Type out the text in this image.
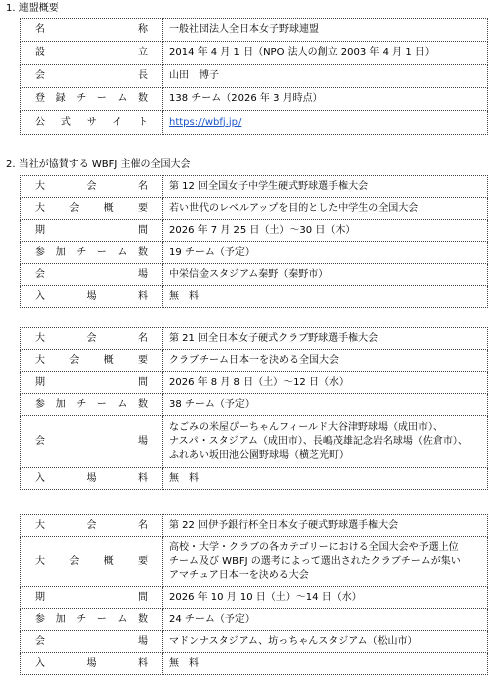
1. 連盟概要
名　　　　称	一般社団法人全日本女子野球連盟
設　　　　立	2014 年 4 月 1 日（NPO 法人の創立 2003 年 4 月 1 日）
会　　　　長	山田　博子
登録チーム数	138 チーム（2026 年 3 月時点）
公式サイト	https://wbfj.jp/
2. 当社が協賛する WBFJ 主催の全国大会
大　会　名	第 12 回全国女子中学生硬式野球選手権大会
大会概要	若い世代のレベルアップを目的とした中学生の全国大会
期　　　間	2026 年 7 月 25 日（土）～30 日（木）
参加チーム数	19 チーム（予定）
会　　　場	中栄信金スタジアム秦野（秦野市）
入　場　料	無　料
大　会　名	第 21 回全日本女子硬式クラブ野球選手権大会
大会概要	クラブチーム日本一を決める全国大会
期　　　間	2026 年 8 月 8 日（土）～12 日（水）
参加チーム数	38 チーム（予定）
会　　　場	なごみの米屋ぴーちゃんフィールド大谷津野球場（成田市）、
ナスパ・スタジアム（成田市）、長嶋茂雄記念岩名球場（佐倉市）、
ふれあい坂田池公園野球場（横芝光町）

入　場　料	無　料
大　会　名	第 22 回伊予銀行杯全日本女子硬式野球選手権大会
大会概要	高校・大学・クラブの各カテゴリーにおける全国大会や予選上位
チーム及び WBFJ の選考によって選出されたクラブチームが集い
アマチュア日本一を決める大会

期　　　間	2026 年 10 月 10 日（土）～14 日（水）
参加チーム数	24 チーム（予定）
会　　　場	マドンナスタジアム、坊っちゃんスタジアム（松山市）
入　場　料	無　料
